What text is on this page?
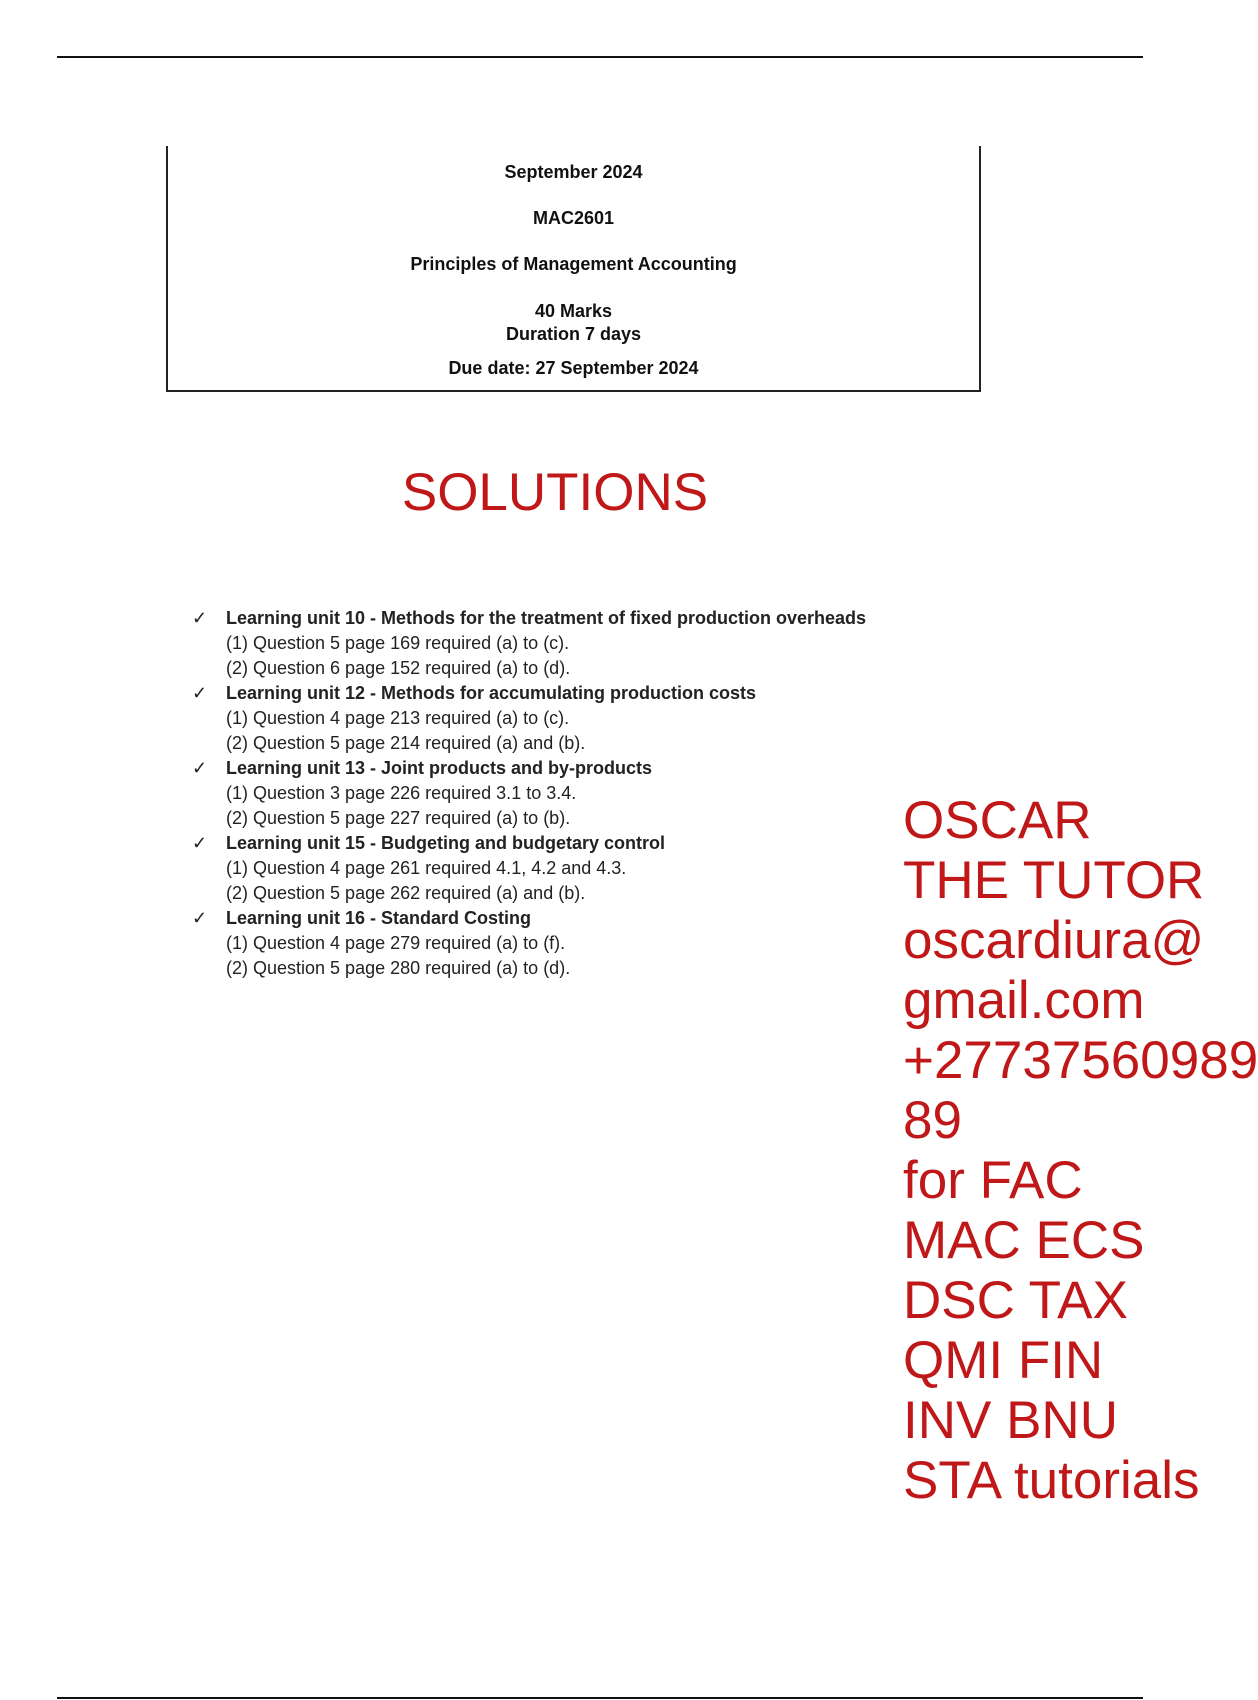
September 2024
MAC2601
Principles of Management Accounting
40 Marks
Duration 7 days
Due date: 27 September 2024
SOLUTIONS
✓ Learning unit 10 - Methods for the treatment of fixed production overheads
(1) Question 5 page 169 required (a) to (c).
(2) Question 6 page 152 required (a) to (d).
✓ Learning unit 12 - Methods for accumulating production costs
(1) Question 4 page 213 required (a) to (c).
(2) Question 5 page 214 required (a) and (b).
✓ Learning unit 13 - Joint products and by-products
(1) Question 3 page 226 required 3.1 to 3.4.
(2) Question 5 page 227 required (a) to (b).
✓ Learning unit 15 - Budgeting and budgetary control
(1) Question 4 page 261 required 4.1, 4.2 and 4.3.
(2) Question 5 page 262 required (a) and (b).
✓ Learning unit 16 - Standard Costing
(1) Question 4 page 279 required (a) to (f).
(2) Question 5 page 280 required (a) to (d).
OSCAR
THE TUTOR
oscardiura@
gmail.com
+27737560989
89
for FAC
MAC ECS
DSC TAX
QMI FIN
INV BNU
STA tutorials
